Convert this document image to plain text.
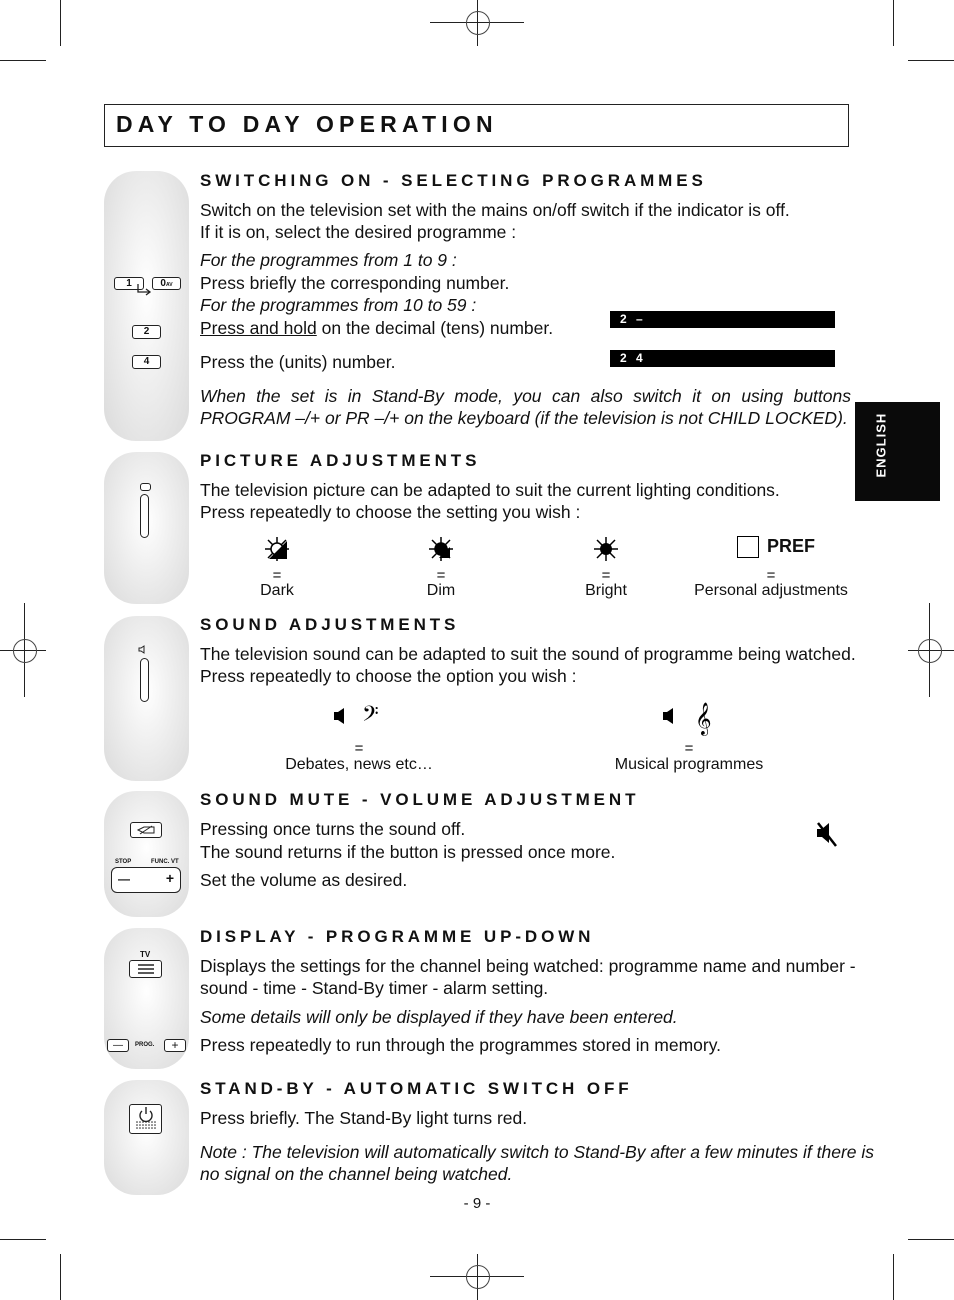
DAY TO DAY OPERATION
ENGLISH
1	0AV
2
4
SWITCHING ON - SELECTING PROGRAMMES
Switch on the television set with the mains on/off switch if the indicator is off.
If it is on, select the desired programme :
For the programmes from 1 to 9 :
Press briefly the corresponding number.
For the programmes from 10 to 59 :
Press and hold on the decimal (tens) number.
Press the (units) number.
2 –
2 4
When the set is in Stand-By mode, you can also switch it on using buttons
PROGRAM –/+ or PR –/+ on the keyboard (if the television is not CHILD LOCKED).
PICTURE ADJUSTMENTS
The television picture can be adapted to suit the current lighting conditions.
Press repeatedly to choose the setting you wish :
PREF
=	=	=	=
Dark	Dim	Bright	Personal adjustments
SOUND ADJUSTMENTS
The television sound can be adapted to suit the sound of programme being watched.
Press repeatedly to choose the option you wish :
𝄢	𝄞
=	=
Debates, news etc…	Musical programmes
STOP	FUNC. VT
—	+
SOUND MUTE - VOLUME ADJUSTMENT
Pressing once turns the sound off.
The sound returns if the button is pressed once more.
Set the volume as desired.
TV
—	PROG.	+
DISPLAY - PROGRAMME UP-DOWN
Displays the settings for the channel being watched: programme name and number -
sound - time - Stand-By timer - alarm setting.
Some details will only be displayed if they have been entered.
Press repeatedly to run through the programmes stored in memory.
STAND-BY - AUTOMATIC SWITCH OFF
Press briefly. The Stand-By light turns red.
Note : The television will automatically switch to Stand-By after a few minutes if there is
no signal on the channel being watched.
- 9 -
